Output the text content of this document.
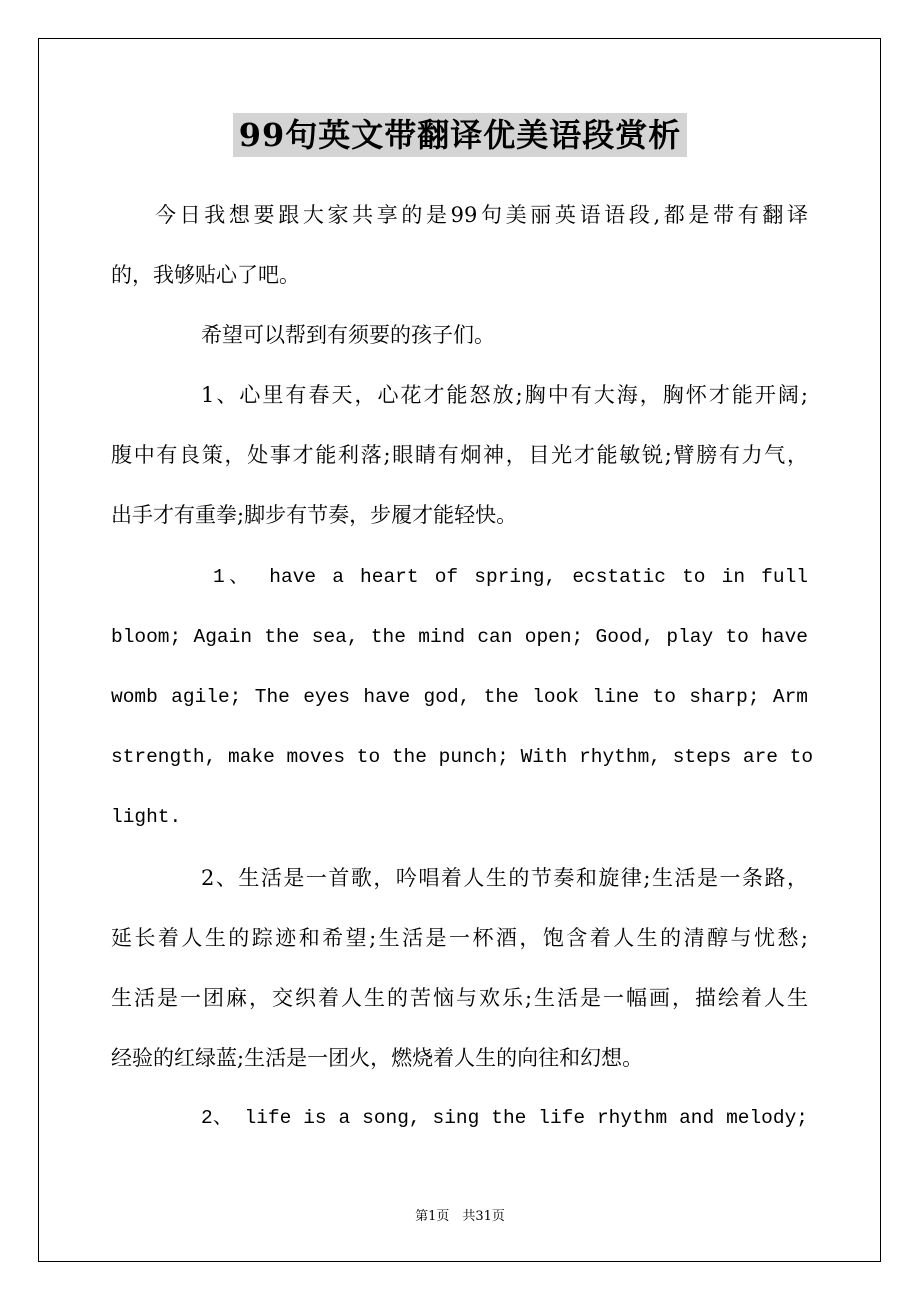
99句英文带翻译优美语段赏析
今日我想要跟大家共享的是99句美丽英语语段,都是带有翻译
的，我够贴心了吧。
希望可以帮到有须要的孩子们。
1、心里有春天，心花才能怒放;胸中有大海，胸怀才能开阔;
腹中有良策，处事才能利落;眼睛有炯神，目光才能敏锐;臂膀有力气，
出手才有重拳;脚步有节奏，步履才能轻快。
1、 have a heart of spring, ecstatic to in full
bloom; Again the sea, the mind can open; Good, play to have
womb agile; The eyes have god, the look line to sharp; Arm
strength, make moves to the punch; With rhythm, steps are to
light.
2、生活是一首歌，吟唱着人生的节奏和旋律;生活是一条路，
延长着人生的踪迹和希望;生活是一杯酒，饱含着人生的清醇与忧愁;
生活是一团麻，交织着人生的苦恼与欢乐;生活是一幅画，描绘着人生
经验的红绿蓝;生活是一团火，燃烧着人生的向往和幻想。
2、 life is a song, sing the life rhythm and melody;
第1页　共31页
